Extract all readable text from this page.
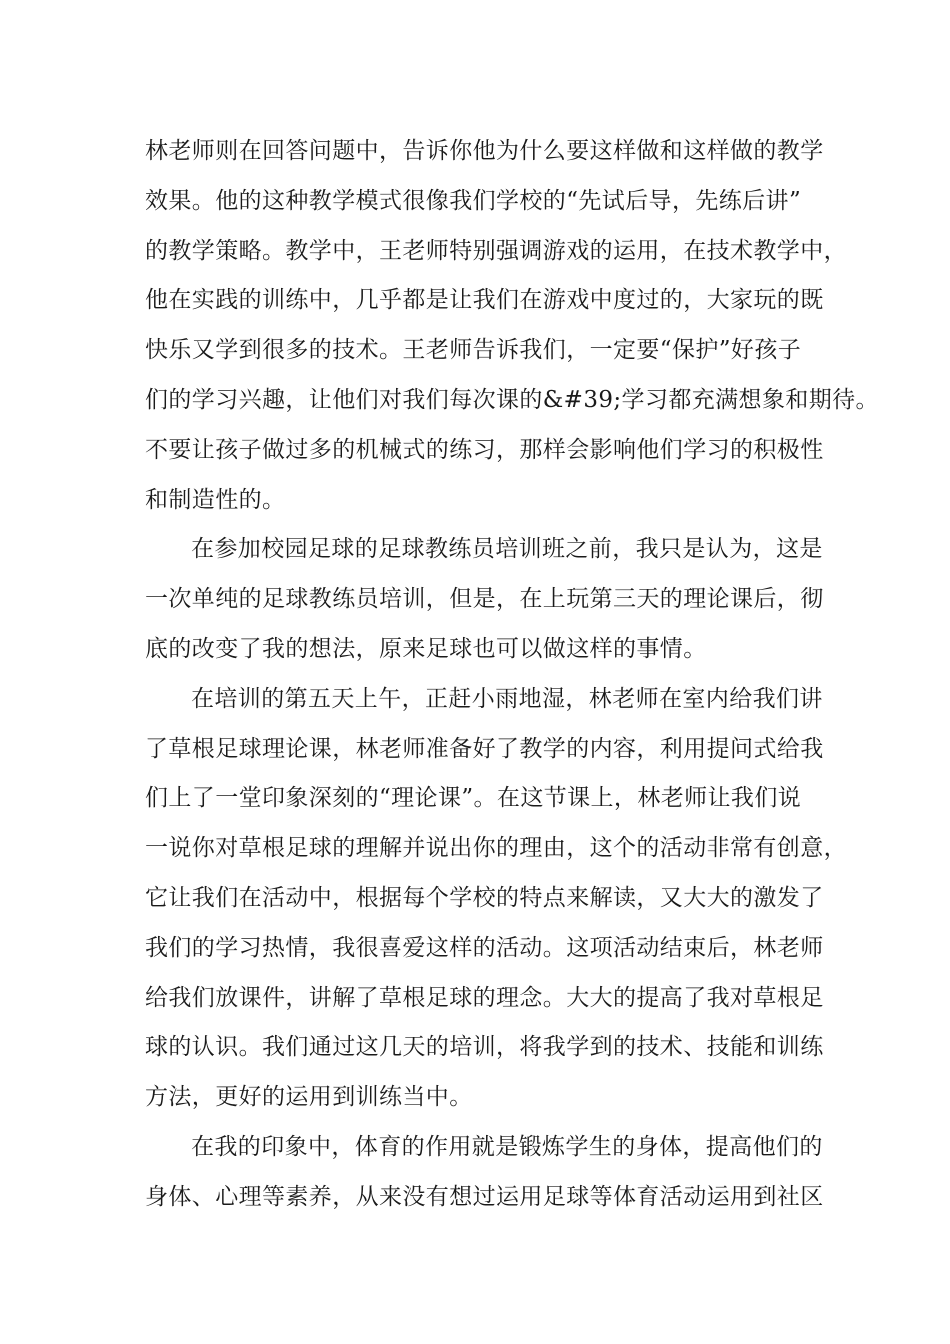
林老师则在回答问题中，告诉你他为什么要这样做和这样做的教学
效果。他的这种教学模式很像我们学校的“先试后导，先练后讲”
的教学策略。教学中，王老师特别强调游戏的运用，在技术教学中，
他在实践的训练中，几乎都是让我们在游戏中度过的，大家玩的既
快乐又学到很多的技术。王老师告诉我们，一定要“保护”好孩子
们的学习兴趣，让他们对我们每次课的&#39;学习都充满想象和期待。
不要让孩子做过多的机械式的练习，那样会影响他们学习的积极性
和制造性的。
在参加校园足球的足球教练员培训班之前，我只是认为，这是
一次单纯的足球教练员培训，但是，在上玩第三天的理论课后，彻
底的改变了我的想法，原来足球也可以做这样的事情。
在培训的第五天上午，正赶小雨地湿，林老师在室内给我们讲
了草根足球理论课，林老师准备好了教学的内容，利用提问式给我
们上了一堂印象深刻的“理论课”。在这节课上，林老师让我们说
一说你对草根足球的理解并说出你的理由，这个的活动非常有创意，
它让我们在活动中，根据每个学校的特点来解读，又大大的激发了
我们的学习热情，我很喜爱这样的活动。这项活动结束后，林老师
给我们放课件，讲解了草根足球的理念。大大的提高了我对草根足
球的认识。我们通过这几天的培训，将我学到的技术、技能和训练
方法，更好的运用到训练当中。
在我的印象中，体育的作用就是锻炼学生的身体，提高他们的
身体、心理等素养，从来没有想过运用足球等体育活动运用到社区
